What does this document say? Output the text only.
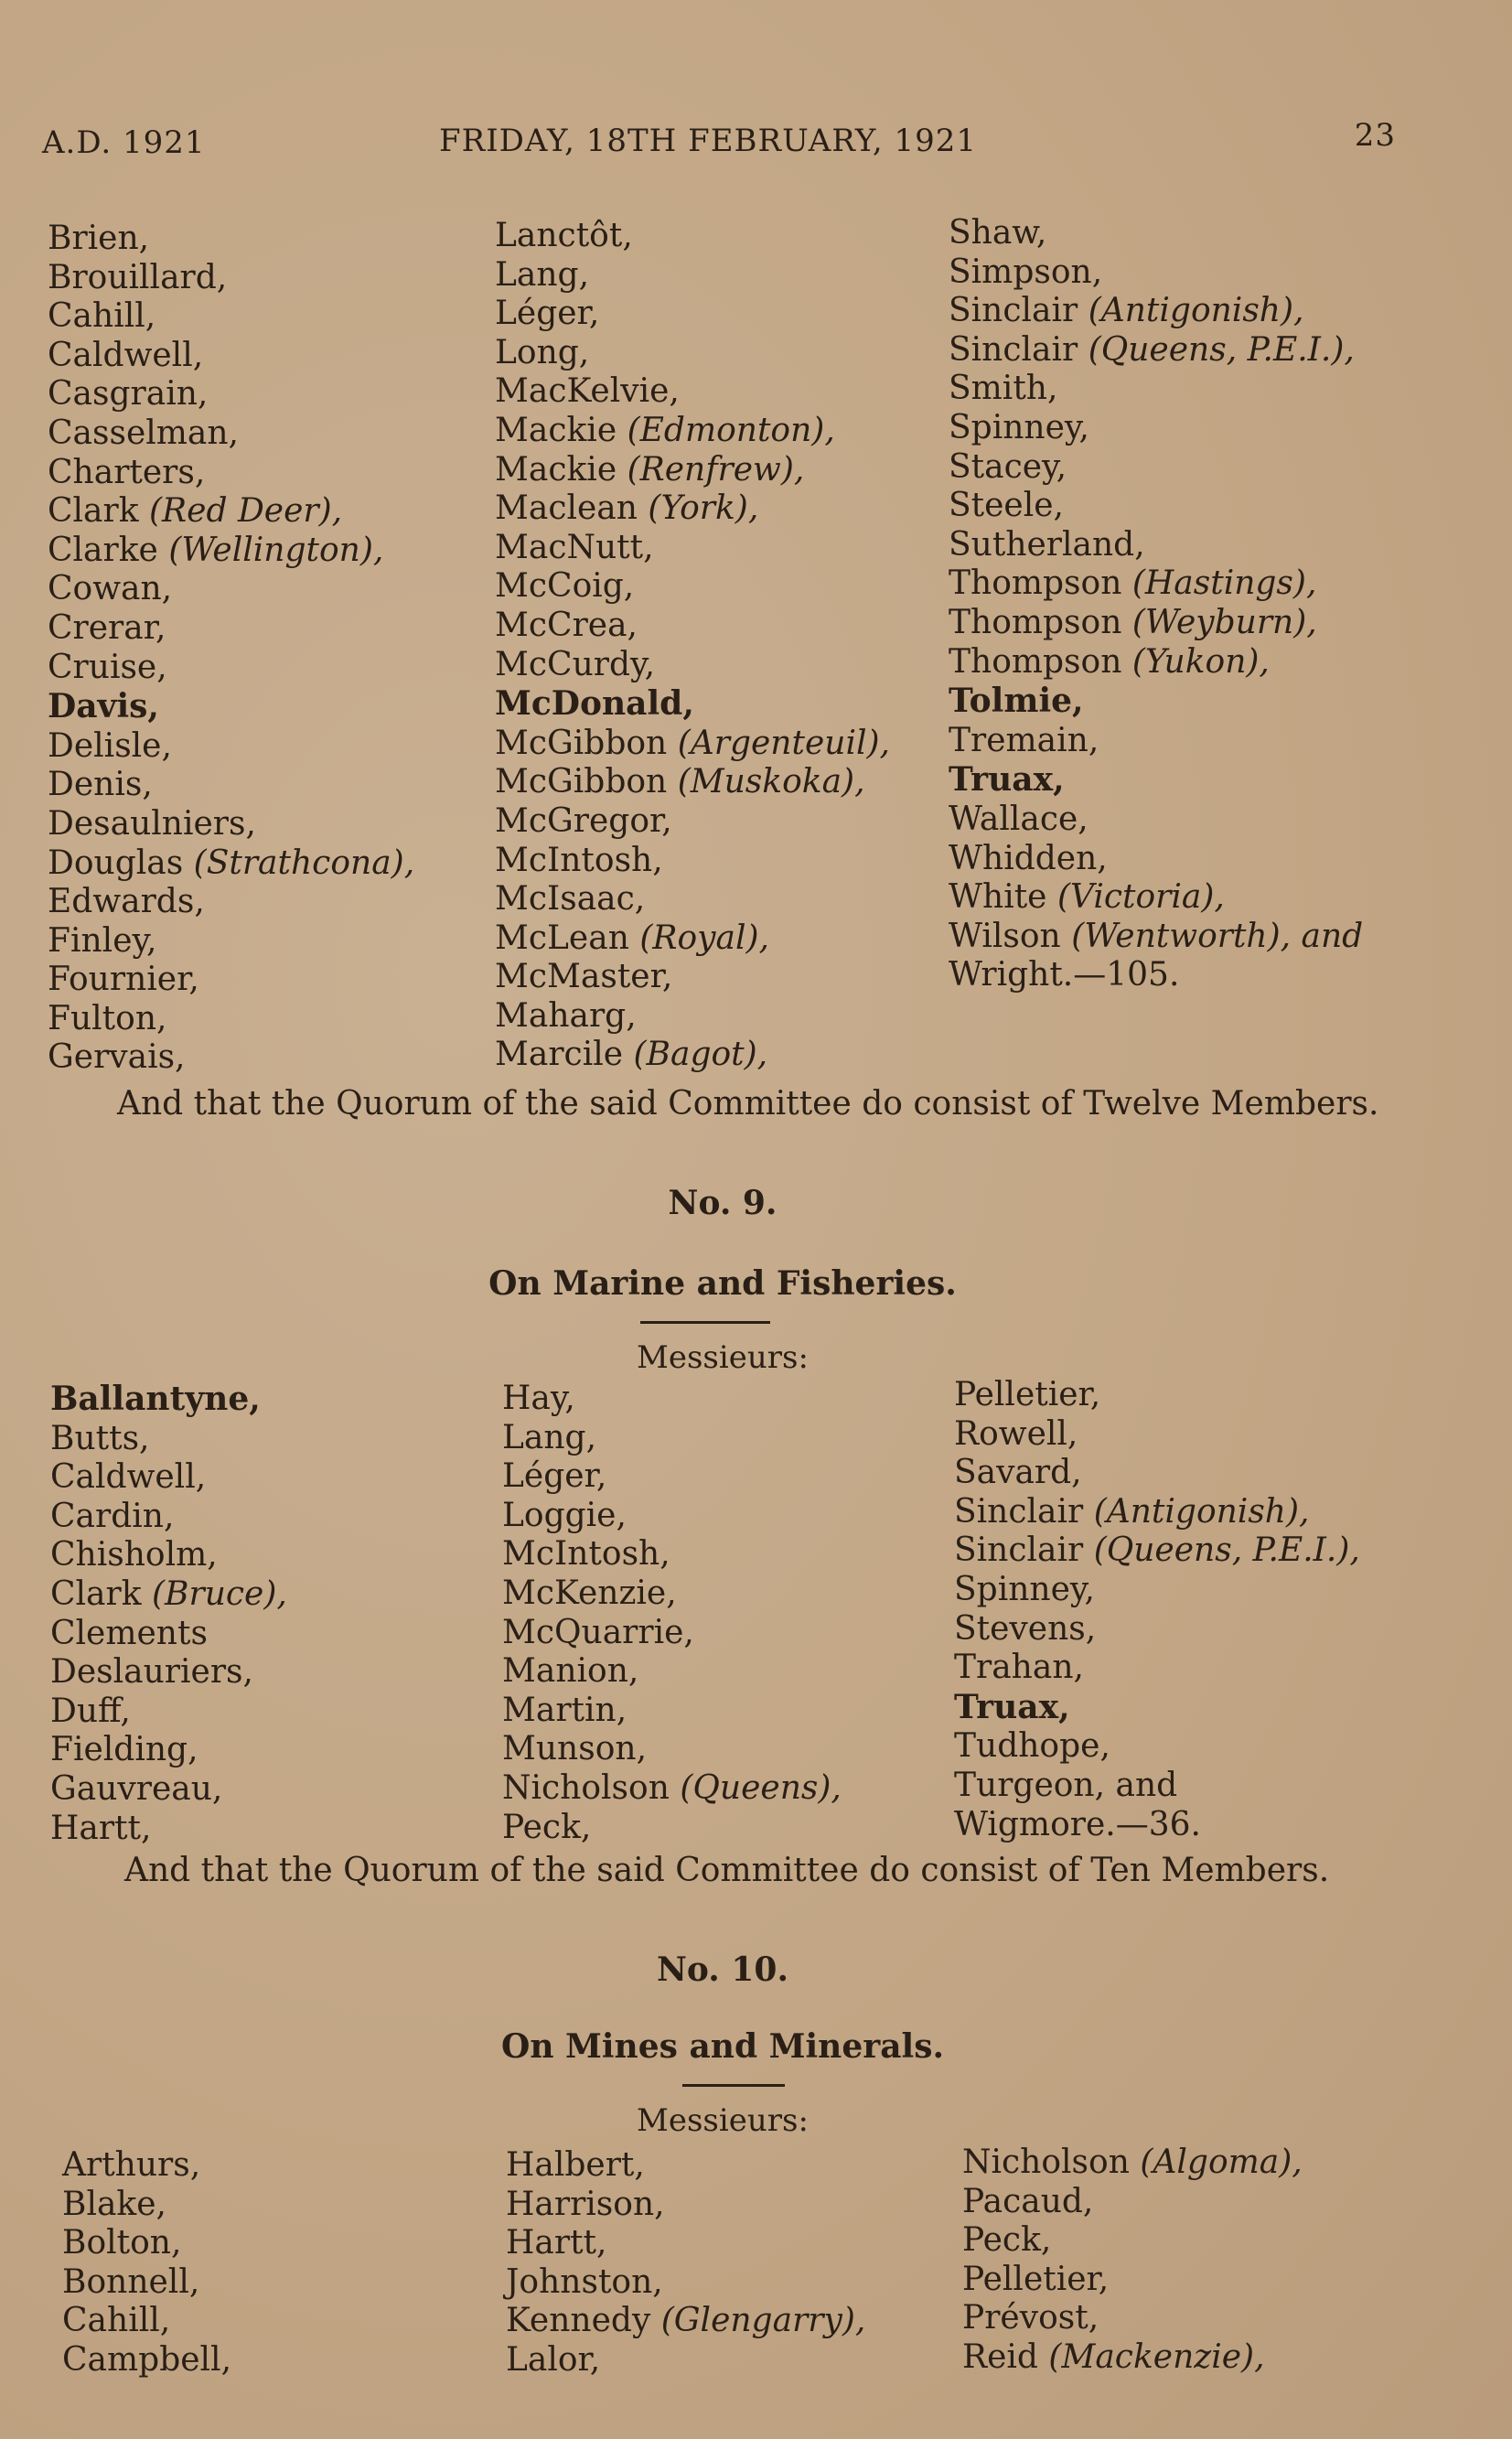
A.D. 1921	FRIDAY, 18TH FEBRUARY, 1921	23
Brien,
Brouillard,
Cahill,
Caldwell,
Casgrain,
Casselman,
Charters,
Clark (Red Deer),
Clarke (Wellington),
Cowan,
Crerar,
Cruise,
Davis,
Delisle,
Denis,
Desaulniers,
Douglas (Strathcona),
Edwards,
Finley,
Fournier,
Fulton,
Gervais,
Lanctôt,
Lang,
Léger,
Long,
MacKelvie,
Mackie (Edmonton),
Mackie (Renfrew),
Maclean (York),
MacNutt,
McCoig,
McCrea,
McCurdy,
McDonald,
McGibbon (Argenteuil),
McGibbon (Muskoka),
McGregor,
McIntosh,
McIsaac,
McLean (Royal),
McMaster,
Maharg,
Marcile (Bagot),
Shaw,
Simpson,
Sinclair (Antigonish),
Sinclair (Queens, P.E.I.),
Smith,
Spinney,
Stacey,
Steele,
Sutherland,
Thompson (Hastings),
Thompson (Weyburn),
Thompson (Yukon),
Tolmie,
Tremain,
Truax,
Wallace,
Whidden,
White (Victoria),
Wilson (Wentworth), and
Wright.—105.
And that the Quorum of the said Committee do consist of Twelve Members.
No. 9.
On Marine and Fisheries.
Messieurs:
Ballantyne,
Butts,
Caldwell,
Cardin,
Chisholm,
Clark (Bruce),
Clements
Deslauriers,
Duff,
Fielding,
Gauvreau,
Hartt,
Hay,
Lang,
Léger,
Loggie,
McIntosh,
McKenzie,
McQuarrie,
Manion,
Martin,
Munson,
Nicholson (Queens),
Peck,
Pelletier,
Rowell,
Savard,
Sinclair (Antigonish),
Sinclair (Queens, P.E.I.),
Spinney,
Stevens,
Trahan,
Truax,
Tudhope,
Turgeon, and
Wigmore.—36.
And that the Quorum of the said Committee do consist of Ten Members.
No. 10.
On Mines and Minerals.
Messieurs:
Arthurs,
Blake,
Bolton,
Bonnell,
Cahill,
Campbell,
Halbert,
Harrison,
Hartt,
Johnston,
Kennedy (Glengarry),
Lalor,
Nicholson (Algoma),
Pacaud,
Peck,
Pelletier,
Prévost,
Reid (Mackenzie),
